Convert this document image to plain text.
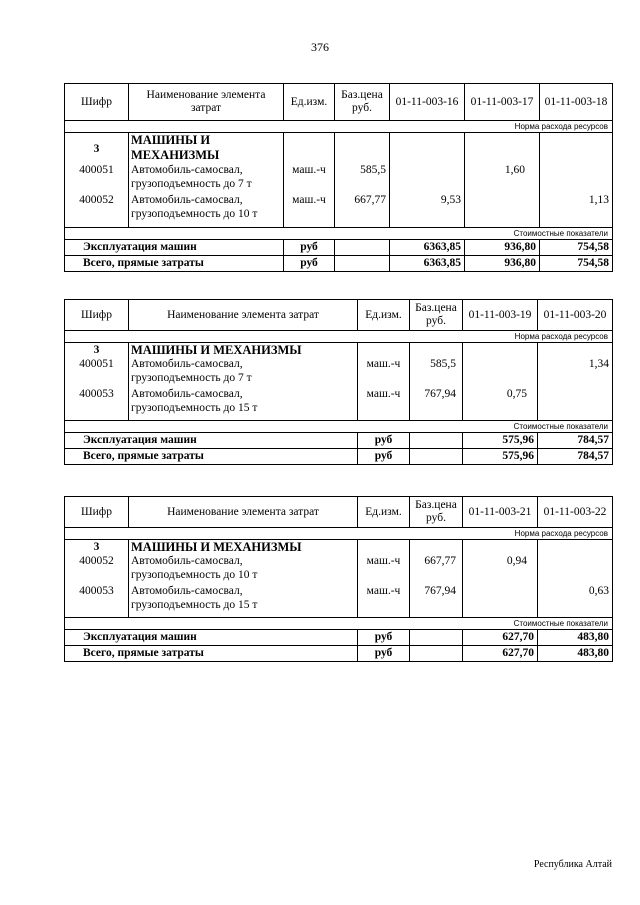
376
Шифр	Наименование элемента затрат	Ед.изм.	Баз.цена руб.	01-11-003-16	01-11-003-17	01-11-003-18
Норма расхода ресурсов						
3	МАШИНЫ И МЕХАНИЗМЫ					
400051	Автомобиль-самосвал,
грузоподъемность до 7 т	маш.-ч	585,5		1,60	
400052	Автомобиль-самосвал,
грузоподъемность до 10 т	маш.-ч	667,77	9,53		1,13

Стоимостные показатели						
Эксплуатация машин		руб		6363,85	936,80	754,58
Всего, прямые затраты		руб		6363,85	936,80	754,58
Шифр	Наименование элемента затрат	Ед.изм.	Баз.цена руб.	01-11-003-19	01-11-003-20
Норма расхода ресурсов					
3	МАШИНЫ И МЕХАНИЗМЫ				
400051	Автомобиль-самосвал,
грузоподъемность до 7 т	маш.-ч	585,5		1,34
400053	Автомобиль-самосвал,
грузоподъемность до 15 т	маш.-ч	767,94	0,75	

Стоимостные показатели					
Эксплуатация машин		руб		575,96	784,57
Всего, прямые затраты		руб		575,96	784,57
Шифр	Наименование элемента затрат	Ед.изм.	Баз.цена руб.	01-11-003-21	01-11-003-22
Норма расхода ресурсов					
3	МАШИНЫ И МЕХАНИЗМЫ				
400052	Автомобиль-самосвал,
грузоподъемность до 10 т	маш.-ч	667,77	0,94	
400053	Автомобиль-самосвал,
грузоподъемность до 15 т	маш.-ч	767,94		0,63

Стоимостные показатели					
Эксплуатация машин		руб		627,70	483,80
Всего, прямые затраты		руб		627,70	483,80
Республика Алтай
